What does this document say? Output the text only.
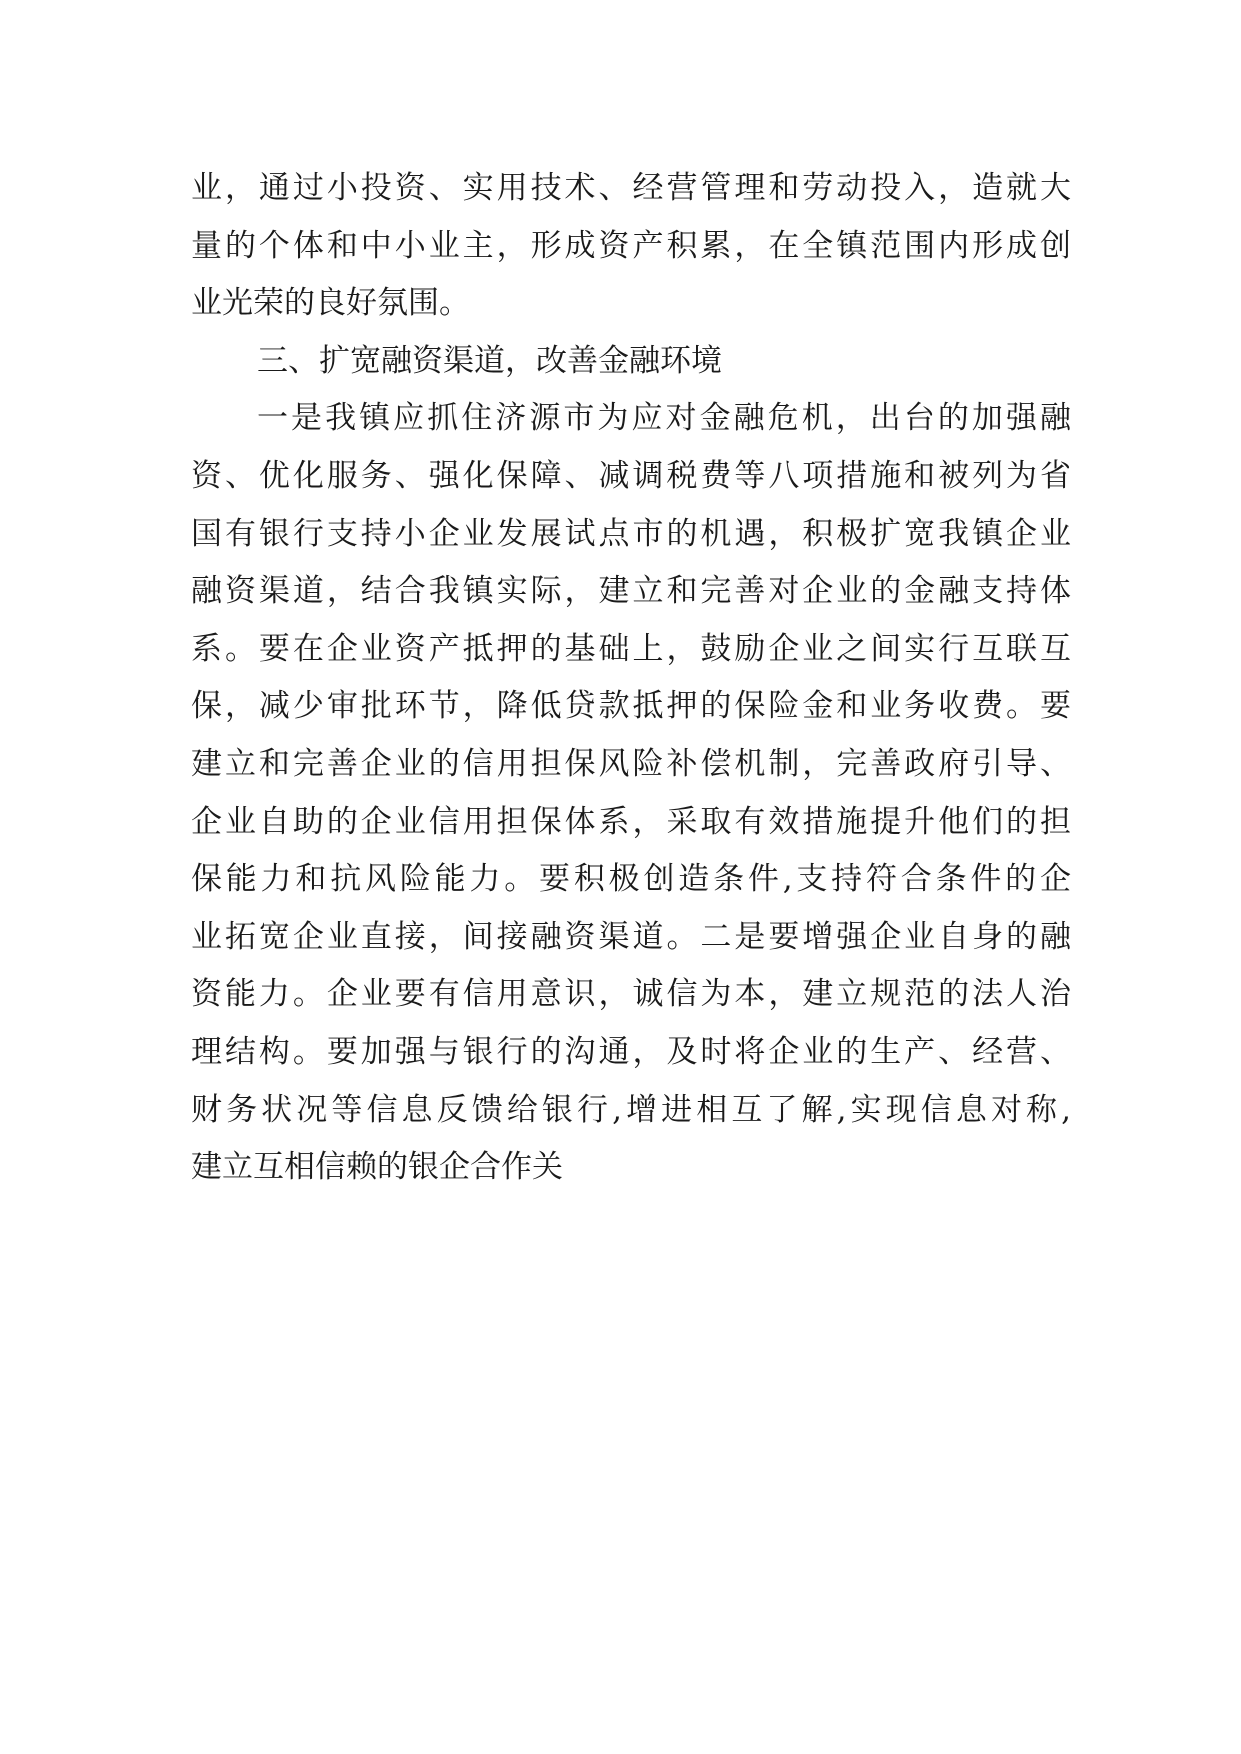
业，通过小投资、实用技术、经营管理和劳动投入，造就大
量的个体和中小业主，形成资产积累，在全镇范围内形成创
业光荣的良好氛围。
三、扩宽融资渠道，改善金融环境
一是我镇应抓住济源市为应对金融危机，出台的加强融
资、优化服务、强化保障、减调税费等八项措施和被列为省
国有银行支持小企业发展试点市的机遇，积极扩宽我镇企业
融资渠道，结合我镇实际，建立和完善对企业的金融支持体
系。要在企业资产抵押的基础上，鼓励企业之间实行互联互
保，减少审批环节，降低贷款抵押的保险金和业务收费。要
建立和完善企业的信用担保风险补偿机制，完善政府引导、
企业自助的企业信用担保体系，采取有效措施提升他们的担
保能力和抗风险能力。要积极创造条件,支持符合条件的企
业拓宽企业直接，间接融资渠道。二是要增强企业自身的融
资能力。企业要有信用意识，诚信为本，建立规范的法人治
理结构。要加强与银行的沟通，及时将企业的生产、经营、
财务状况等信息反馈给银行,增进相互了解,实现信息对称,
建立互相信赖的银企合作关
